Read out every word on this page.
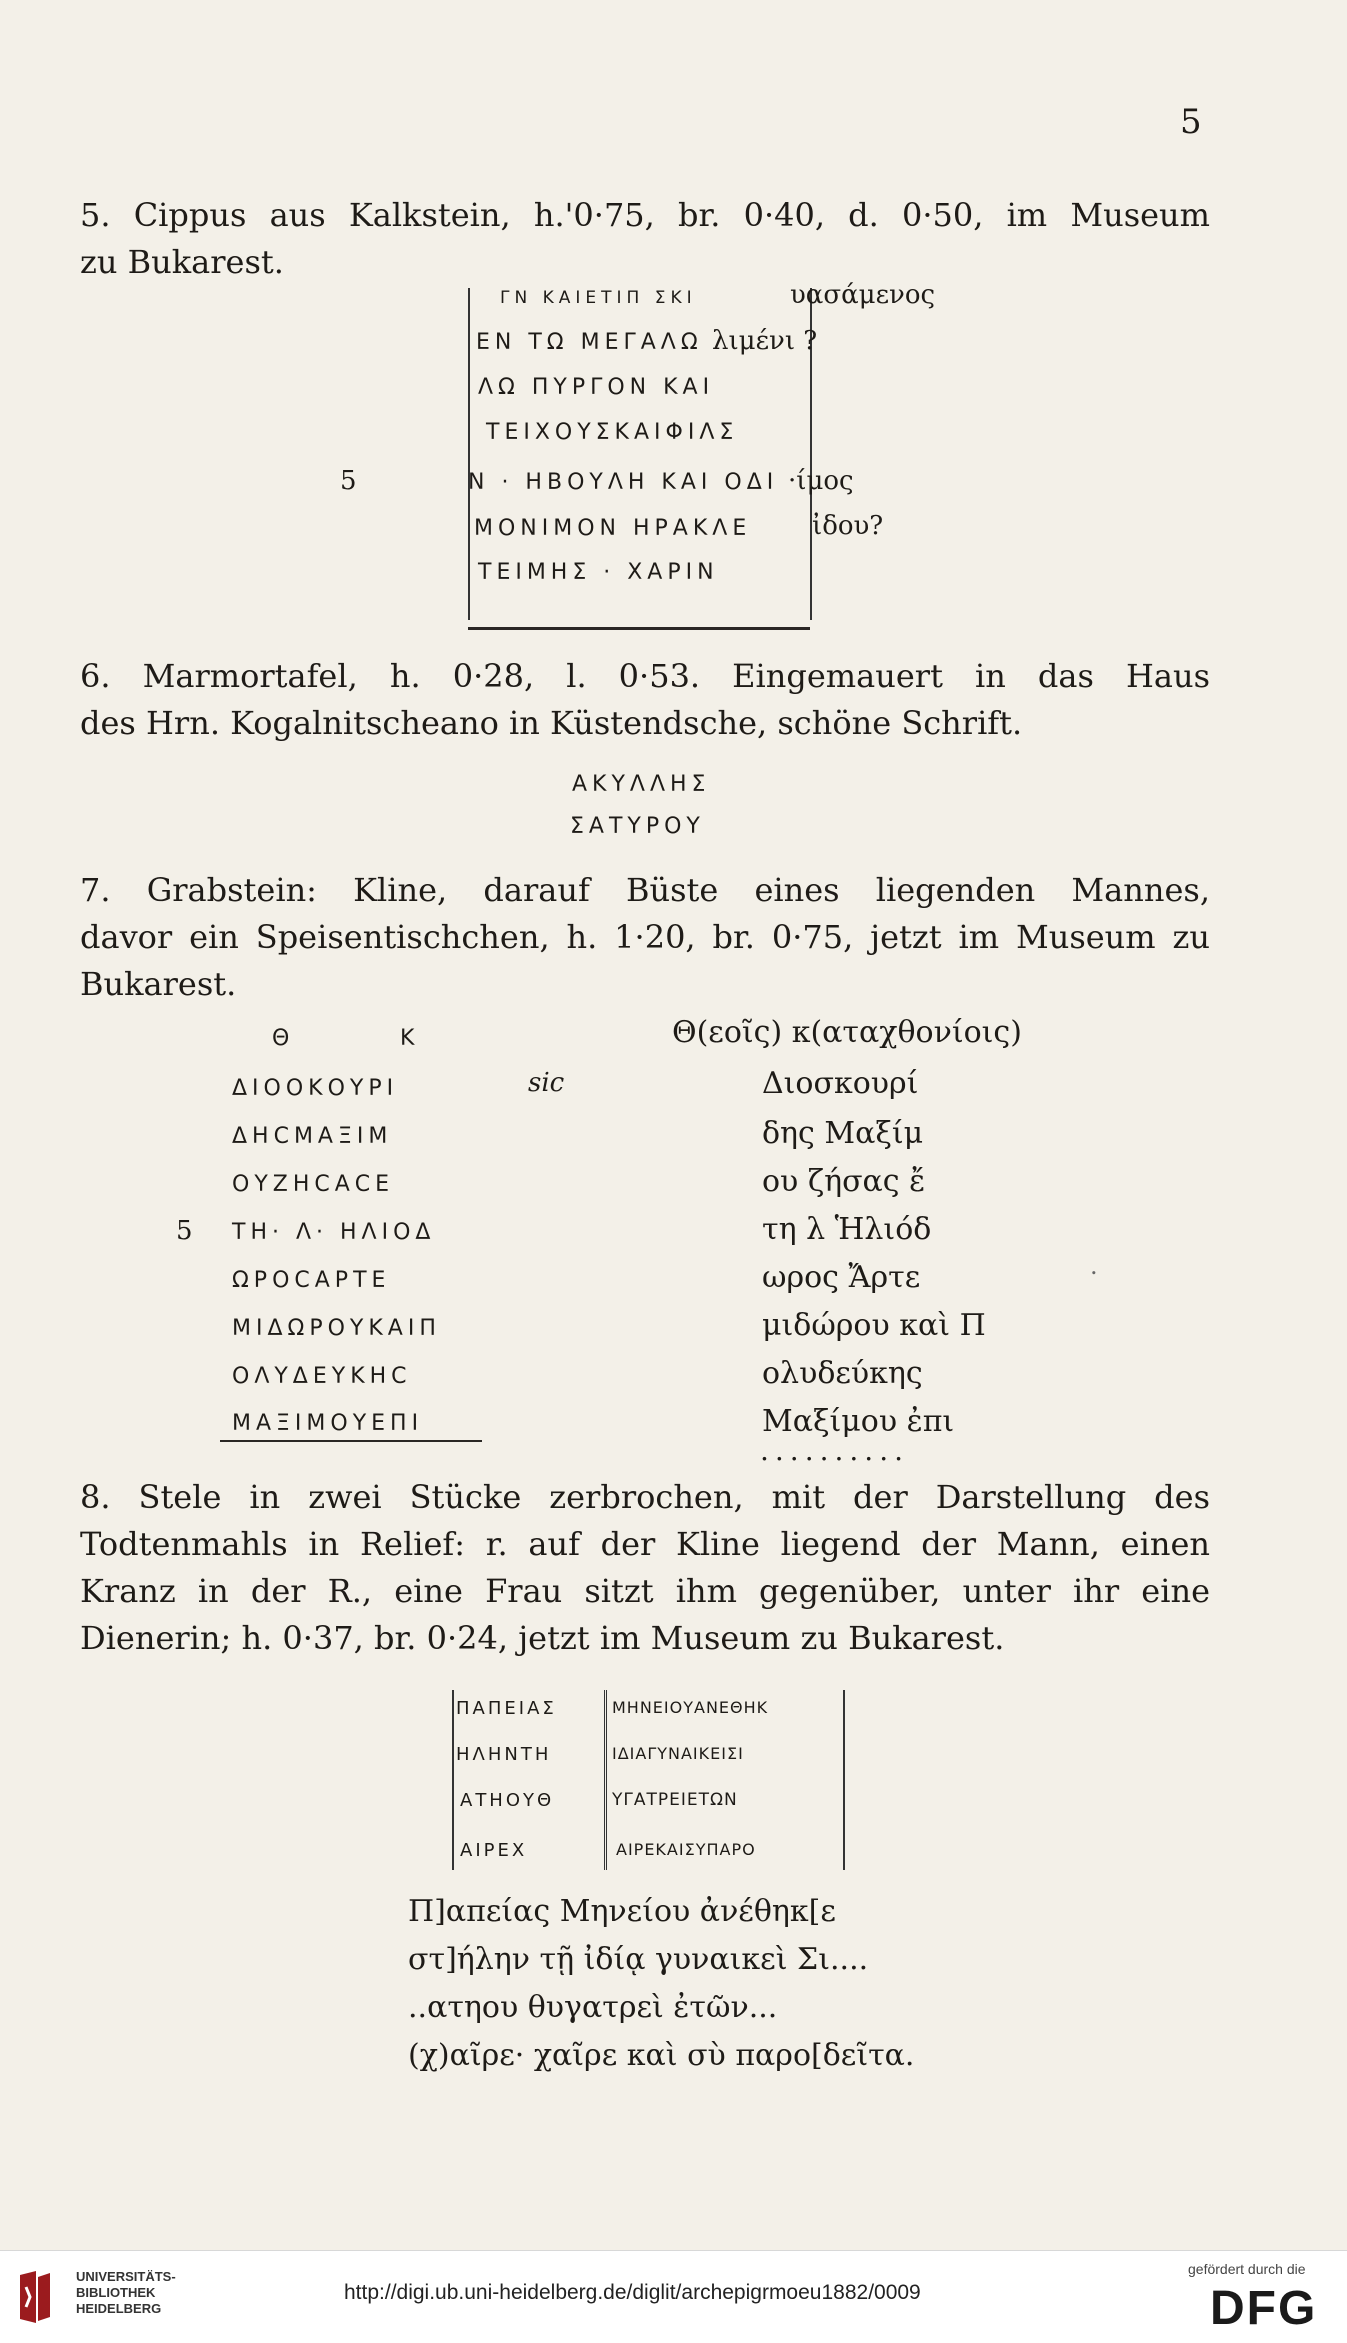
5
5. Cippus aus Kalkstein, h.'0·75, br. 0·40, d. 0·50, im Museum
zu Bukarest.
ΓΝ ΚΑΙΕΤΙΠ ΣΚΙ	υασάμενος
ΕΝ ΤΩ ΜΕΓΑΛΩ λιμένι ?
ΛΩ ΠΥΡΓΟΝ ΚΑΙ
ΤΕΙΧΟΥΣΚΑΙΦΙΛΣ
5	Ν · ΗΒΟΥΛΗ ΚΑΙ ΟΔΙ ·ίμος
ΜΟΝΙΜΟΝ ΗΡΑΚΛΕ ἰδου?
ΤΕΙΜΗΣ · ΧΑΡΙΝ
6. Marmortafel, h. 0·28, l. 0·53. Eingemauert in das Haus
des Hrn. Kogalnitscheano in Küstendsche, schöne Schrift.
ΑΚΥΛΛΗΣ
ΣΑΤΥΡΟΥ
7. Grabstein: Kline, darauf Büste eines liegenden Mannes,
davor ein Speisentischchen, h. 1·20, br. 0·75, jetzt im Museum zu
Bukarest.
Θ	Κ	Θ(εοῖς) κ(αταχθονίοις)
ΔΙΟΟΚΟΥΡΙ	sic	Διοσκουρί
ΔΗCΜΑΞΙΜ	δης Μαξίμ
ΟΥΖΗCΑCΕ	ου ζήσας ἔ
5 ΤΗ· Λ· ΗΛΙΟΔ	τη λ Ἡλιόδ
ΩΡΟCΑΡΤΕ	ωρος Ἄρτε	.
ΜΙΔΩΡΟΥΚΑΙΠ	μιδώρου καὶ Π
ΟΛΥΔΕΥΚΗC	ολυδεύκης
ΜΑΞΙΜΟΥΕΠΙ	Μαξίμου ἐπι
..........
8. Stele in zwei Stücke zerbrochen, mit der Darstellung des
Todtenmahls in Relief: r. auf der Kline liegend der Mann, einen
Kranz in der R., eine Frau sitzt ihm gegenüber, unter ihr eine
Dienerin; h. 0·37, br. 0·24, jetzt im Museum zu Bukarest.
ΠΑΠΕΙΑΣ	ΜΗΝΕΙΟΥΑΝΕΘΗΚ
ΗΛΗΝΤΗ	ΙΔΙΑΓΥΝΑΙΚΕΙΣΙ
ΑΤΗΟΥΘ	ΥΓΑΤΡΕΙΕΤΩΝ
ΑΙΡΕΧ	ΑΙΡΕΚΑΙΣΥΠΑΡΟ
Π]απείας Μηνείου ἀνέθηκ[ε
στ]ήλην τῇ ἰδίᾳ γυναικεὶ Σι....
..ατηου θυγατρεὶ ἐτῶν...
(χ)αῖρε· χαῖρε καὶ σὺ παρο[δεῖτα.
UNIVERSITÄTS-
BIBLIOTHEK
HEIDELBERG
http://digi.ub.uni-heidelberg.de/diglit/archepigrmoeu1882/0009
gefördert durch die
DFG
